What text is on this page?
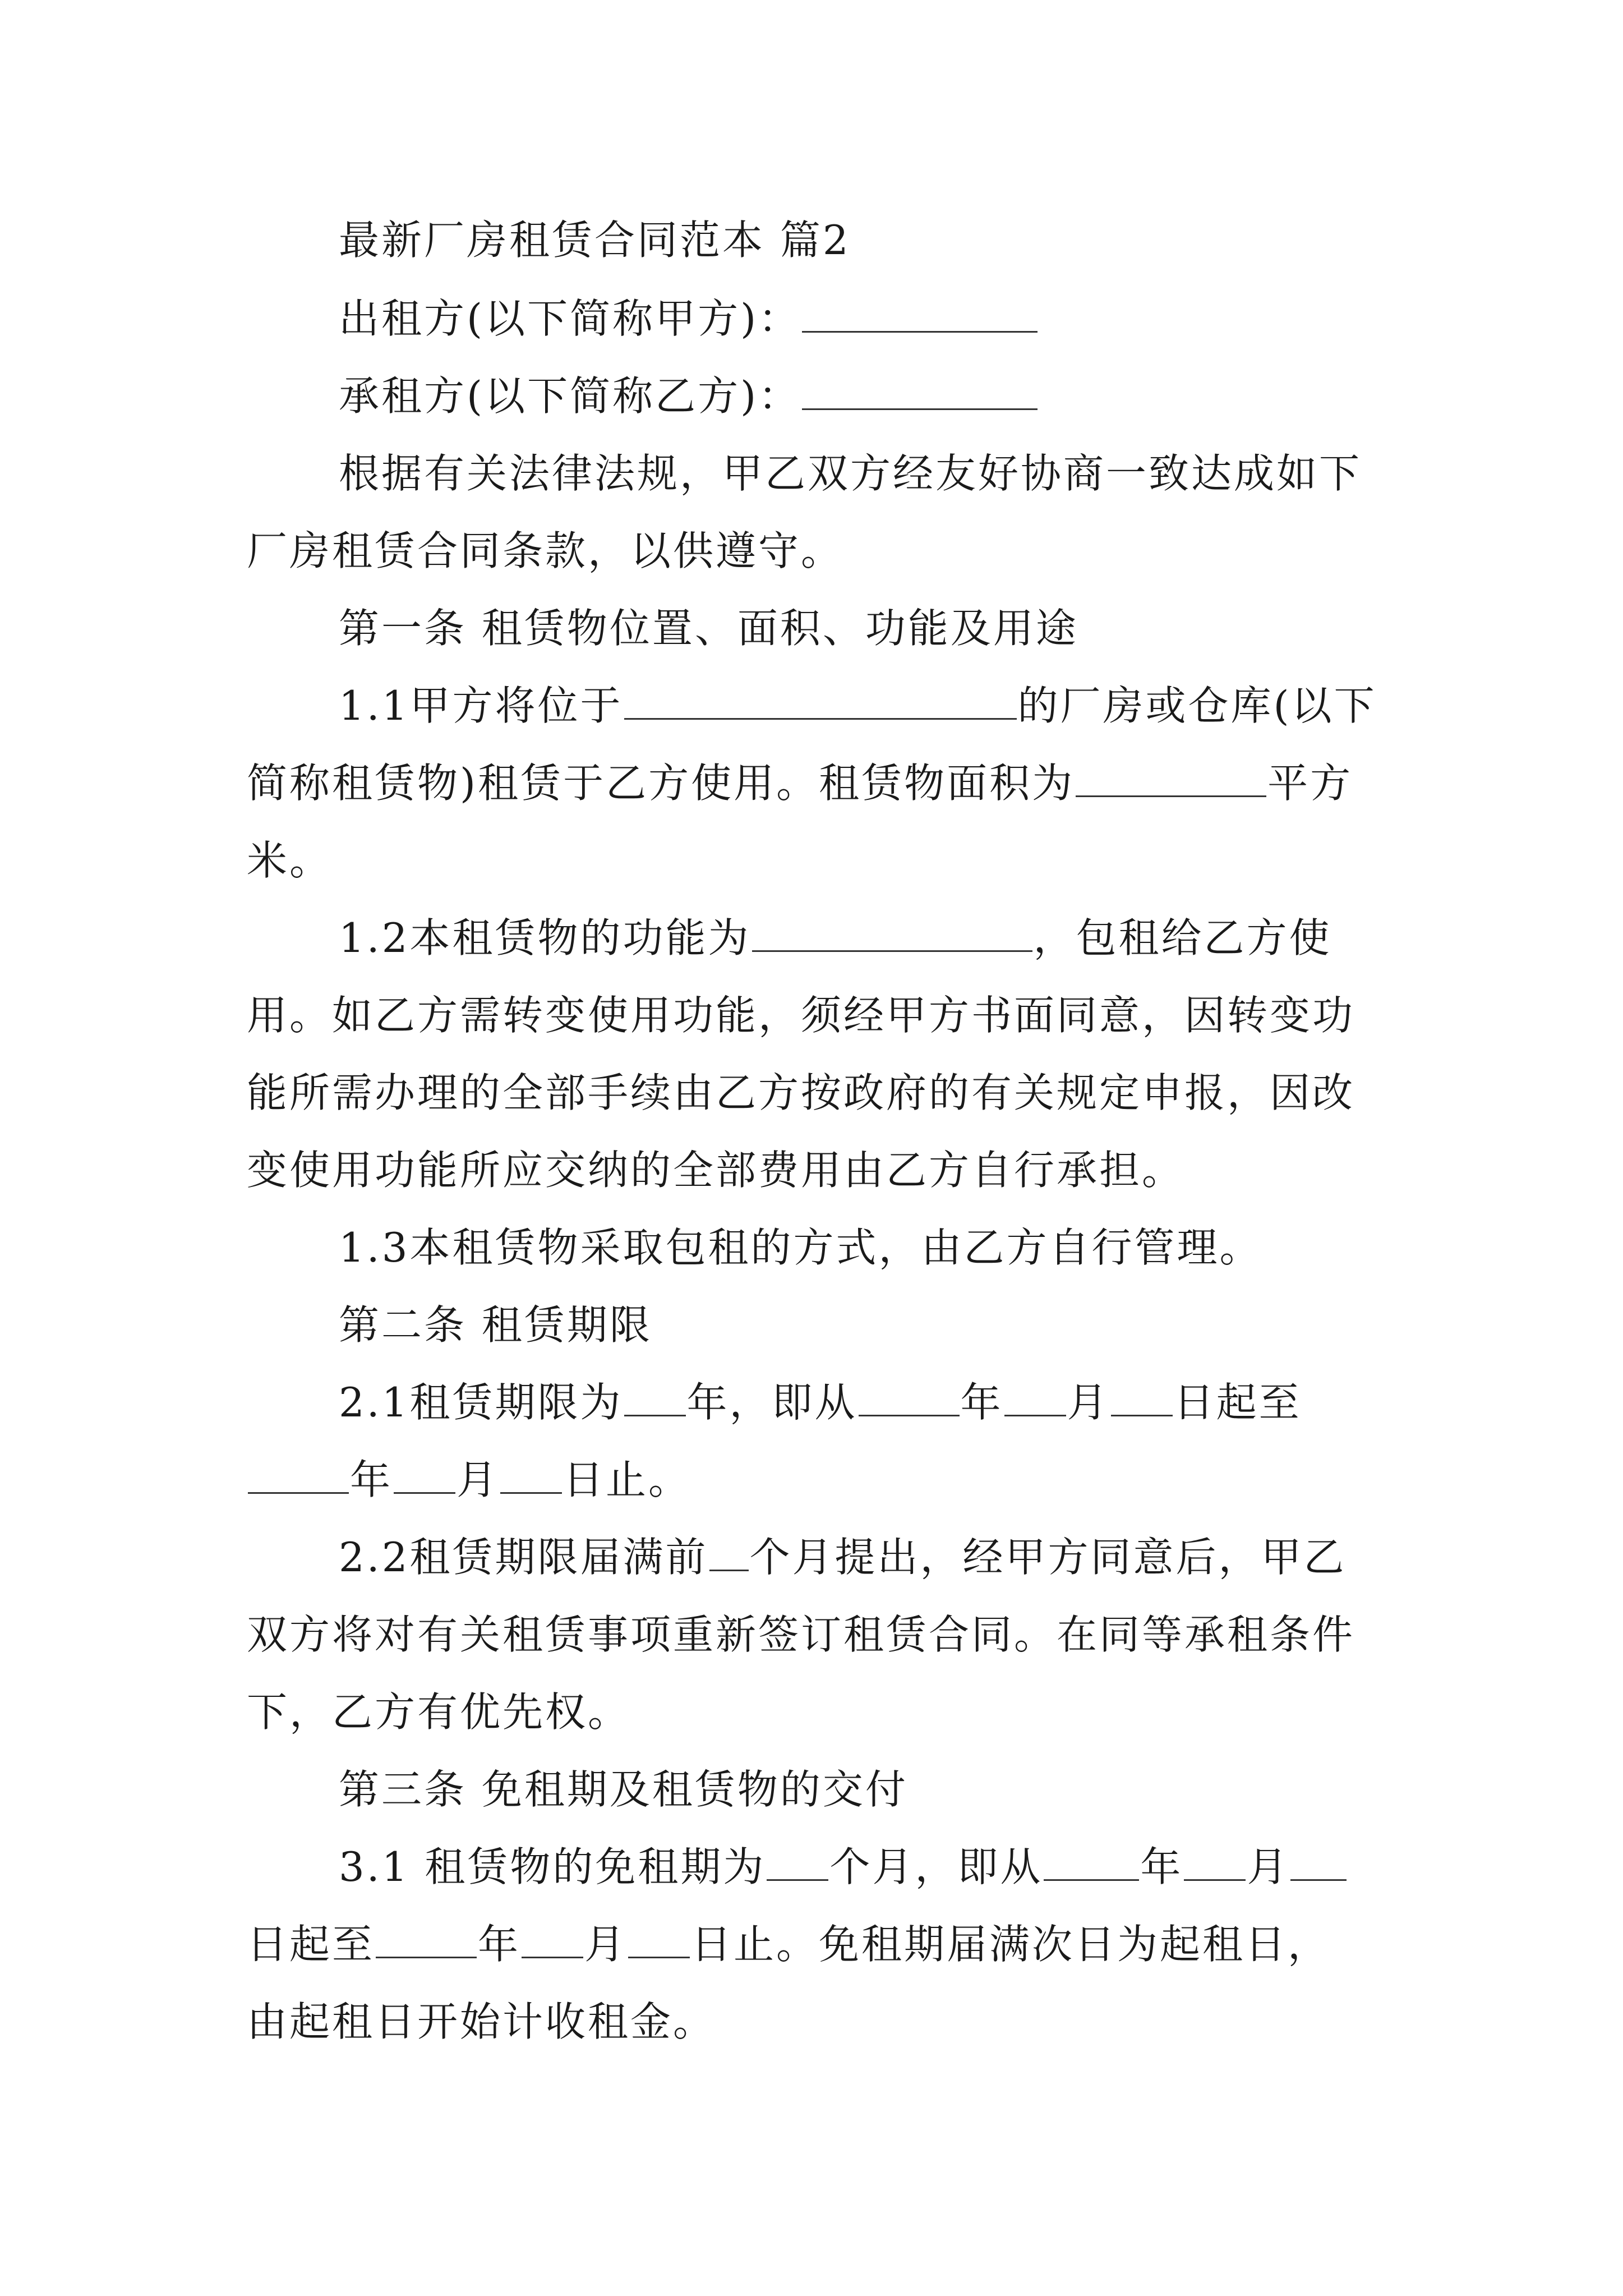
最新厂房租赁合同范本 篇2
出租方(以下简称甲方)：
承租方(以下简称乙方)：
根据有关法律法规，甲乙双方经友好协商一致达成如下
厂房租赁合同条款，以供遵守。
第一条 租赁物位置、面积、功能及用途
1.1甲方将位于	的厂房或仓库(以下
简称租赁物)租赁于乙方使用。租赁物面积为	平方
米。
1.2本租赁物的功能为	，包租给乙方使
用。如乙方需转变使用功能，须经甲方书面同意，因转变功
能所需办理的全部手续由乙方按政府的有关规定申报，因改
变使用功能所应交纳的全部费用由乙方自行承担。
1.3本租赁物采取包租的方式，由乙方自行管理。
第二条 租赁期限
2.1租赁期限为 年，即从	年 月 日起至
年 月 日止。
2.2租赁期限届满前 个月提出，经甲方同意后，甲乙
双方将对有关租赁事项重新签订租赁合同。在同等承租条件
下，乙方有优先权。
第三条 免租期及租赁物的交付
3.1 租赁物的免租期为 个月，即从 年 月
日起至	年 月 日止。免租期届满次日为起租日，
由起租日开始计收租金。
